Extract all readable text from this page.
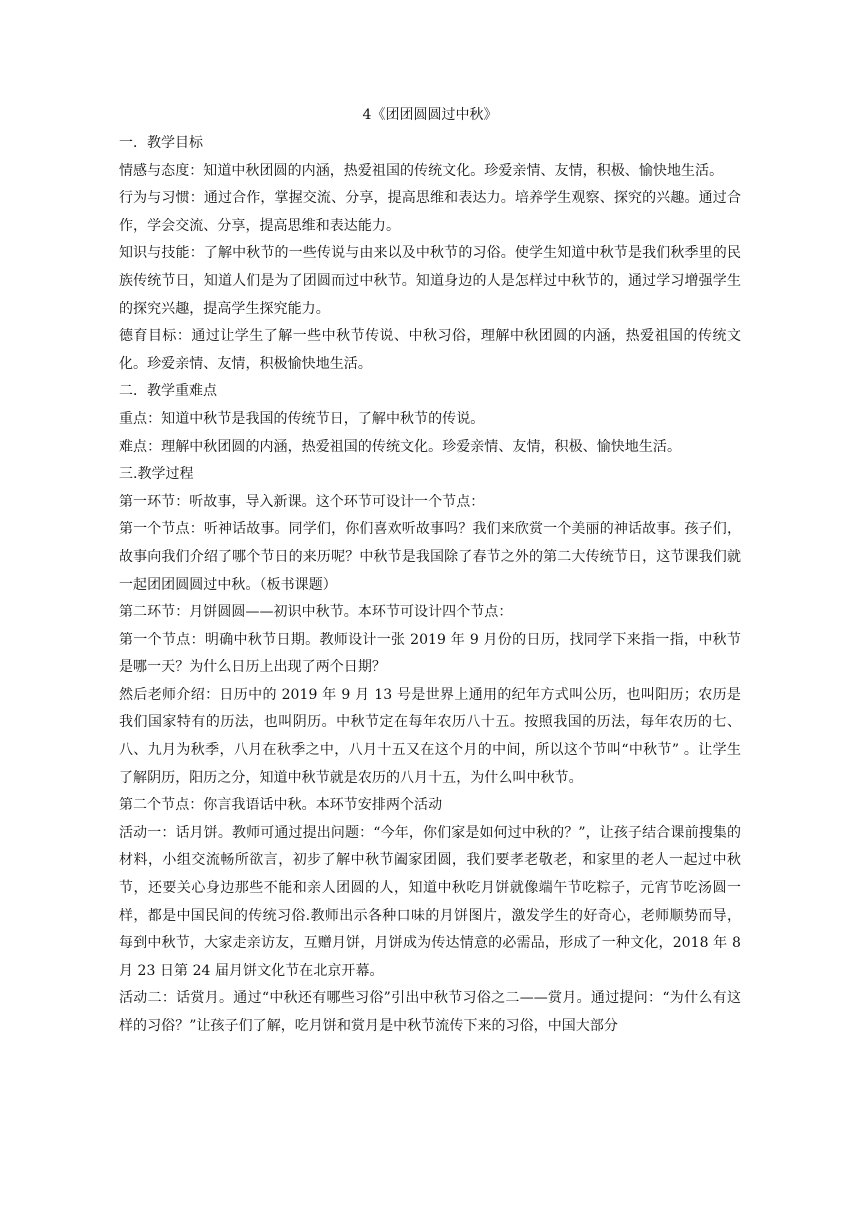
4《团团圆圆过中秋》

一．教学目标

情感与态度：知道中秋团圆的内涵，热爱祖国的传统文化。珍爱亲情、友情，积极、愉快地生活。

行为与习惯：通过合作，掌握交流、分享，提高思维和表达力。培养学生观察、探究的兴趣。通过合作，学会交流、分享，提高思维和表达能力。

知识与技能：了解中秋节的一些传说与由来以及中秋节的习俗。使学生知道中秋节是我们秋季里的民族传统节日，知道人们是为了团圆而过中秋节。知道身边的人是怎样过中秋节的，通过学习增强学生的探究兴趣，提高学生探究能力。

德育目标：通过让学生了解一些中秋节传说、中秋习俗，理解中秋团圆的内涵，热爱祖国的传统文化。珍爱亲情、友情，积极愉快地生活。

二．教学重难点

重点：知道中秋节是我国的传统节日，了解中秋节的传说。

难点：理解中秋团圆的内涵，热爱祖国的传统文化。珍爱亲情、友情，积极、愉快地生活。

三.教学过程

第一环节：听故事，导入新课。这个环节可设计一个节点：

第一个节点：听神话故事。同学们，你们喜欢听故事吗？我们来欣赏一个美丽的神话故事。孩子们，故事向我们介绍了哪个节日的来历呢？中秋节是我国除了春节之外的第二大传统节日，这节课我们就一起团团圆圆过中秋。（板书课题）

第二环节：月饼圆圆——初识中秋节。本环节可设计四个节点：

第一个节点：明确中秋节日期。教师设计一张 2019 年 9 月份的日历，找同学下来指一指，中秋节是哪一天？为什么日历上出现了两个日期？

然后老师介绍：日历中的 2019 年 9 月 13 号是世界上通用的纪年方式叫公历，也叫阳历；农历是我们国家特有的历法，也叫阴历。中秋节定在每年农历八十五。按照我国的历法，每年农历的七、八、九月为秋季，八月在秋季之中，八月十五又在这个月的中间，所以这个节叫“中秋节” 。让学生了解阴历，阳历之分，知道中秋节就是农历的八月十五，为什么叫中秋节。

第二个节点：你言我语话中秋。本环节安排两个活动

活动一：话月饼。教师可通过提出问题：“今年，你们家是如何过中秋的？”，让孩子结合课前搜集的材料，小组交流畅所欲言，初步了解中秋节阖家团圆，我们要孝老敬老，和家里的老人一起过中秋节，还要关心身边那些不能和亲人团圆的人，知道中秋吃月饼就像端午节吃粽子，元宵节吃汤圆一样，都是中国民间的传统习俗.教师出示各种口味的月饼图片，激发学生的好奇心，老师顺势而导，每到中秋节，大家走亲访友，互赠月饼，月饼成为传达情意的必需品，形成了一种文化，2018 年 8 月 23 日第 24 届月饼文化节在北京开幕。

活动二：话赏月。通过“中秋还有哪些习俗”引出中秋节习俗之二——赏月。通过提问：“为什么有这样的习俗？”让孩子们了解，吃月饼和赏月是中秋节流传下来的习俗，中国大部分
